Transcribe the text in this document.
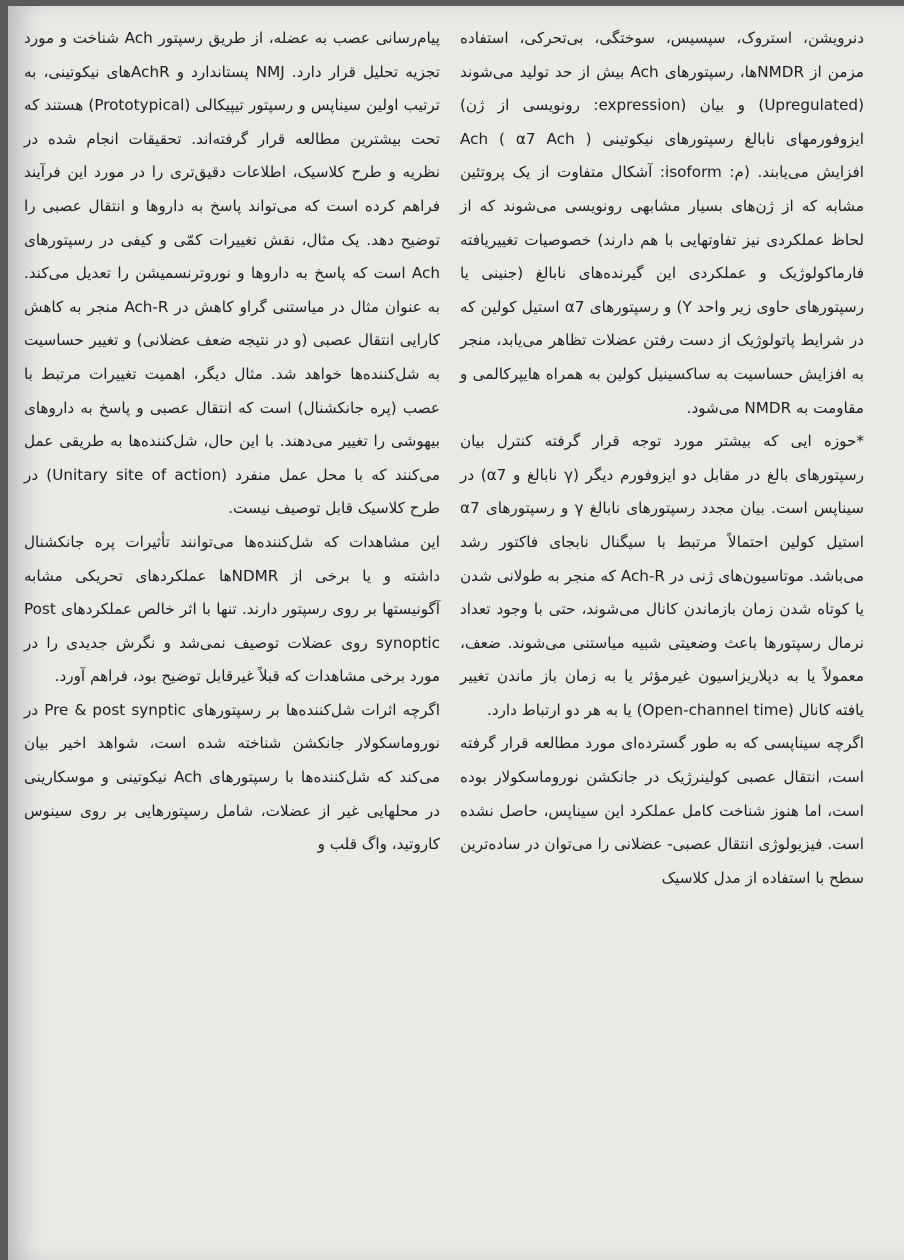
دنرویشن، استروک، سپسیس، سوختگی، بی‌تحرکی، استفاده مزمن از NMDRها، رسپتورهای Ach بیش از حد تولید می‌شوند (Upregulated) و بیان (expression: رونویسی از ژن) ایزوفورمهای نابالغ رسپتورهای نیکوتینی Ach ( α7 Ach ) افزایش می‌یابند. (م: isoform: آشکال متفاوت از یک پروتئین مشابه که از ژن‌های بسیار مشابهی رونویسی می‌شوند که از لحاظ عملکردی نیز تفاوتهایی با هم دارند) خصوصیات تغییریافته فارماکولوژیک و عملکردی این گیرنده‌های نابالغ (جنینی یا رسپتورهای حاوی زیر واحد Y) و رسپتورهای α7 استیل کولین که در شرایط پاتولوژیک از دست رفتن عضلات تظاهر می‌یابد، منجر به افزایش حساسیت به ساکسینیل کولین به همراه هایپرکالمی و مقاومت به NMDR می‌شود.

*حوزه ایی که بیشتر مورد توجه قرار گرفته کنترل بیان رسپتورهای بالغ در مقابل دو ایزوفورم دیگر (γ نابالغ و α7) در سیناپس است. بیان مجدد رسپتورهای نابالغ γ و رسپتورهای α7 استیل کولین احتمالاً مرتبط با سیگنال نابجای فاکتور رشد می‌باشد. موتاسیون‌های ژنی در Ach-R که منجر به طولانی شدن یا کوتاه شدن زمان بازماندن کانال می‌شوند، حتی با وجود تعداد نرمال رسپتورها باعث وضعیتی شبیه میاستنی می‌شوند. ضعف، معمولاً یا به دپلاریزاسیون غیرمؤثر یا به زمان باز ماندن تغییر یافته کانال (Open-channel time) یا به هر دو ارتباط دارد.

اگرچه سیناپسی که به طور گسترده‌ای مورد مطالعه قرار گرفته است، انتقال عصبی کولینرژیک در جانکشن نوروماسکولار بوده است، اما هنوز شناخت کامل عملکرد این سیناپس، حاصل نشده است. فیزیولوژی انتقال عصبی- عضلانی را می‌توان در ساده‌ترین سطح با استفاده از مدل کلاسیک

پیام‌رسانی عصب به عضله، از طریق رسپتور Ach شناخت و مورد تجزیه تحلیل قرار دارد. NMJ پستاندارد و AchRهای نیکوتینی، به ترتیب اولین سیناپس و رسپتور تیپیکالی (Prototypical) هستند که تحت بیشترین مطالعه قرار گرفته‌اند. تحقیقات انجام شده در نظریه و طرح کلاسیک، اطلاعات دقیق‌تری را در مورد این فرآیند فراهم کرده است که می‌تواند پاسخ به داروها و انتقال عصبی را توضیح دهد. یک مثال، نقش تغییرات کمّی و کیفی در رسپتورهای Ach است که پاسخ به داروها و نوروترنسمیشن را تعدیل می‌کند. به عنوان مثال در میاستنی گراو کاهش در Ach-R منجر به کاهش کارایی انتقال عصبی (و در نتیجه ضعف عضلانی) و تغییر حساسیت به شل‌کننده‌ها خواهد شد. مثال دیگر، اهمیت تغییرات مرتبط با عصب (پره جانکشنال) است که انتقال عصبی و پاسخ به داروهای بیهوشی را تغییر می‌دهند. با این حال، شل‌کننده‌ها به طریقی عمل می‌کنند که با محل عمل منفرد (Unitary site of action) در طرح کلاسیک قابل توصیف نیست.

این مشاهدات که شل‌کننده‌ها می‌توانند تأثیرات پره جانکشنال داشته و یا برخی از NDMRها عملکردهای تحریکی مشابه آگونیستها بر روی رسپتور دارند. تنها با اثر خالص عملکردهای Post synoptic روی عضلات توصیف نمی‌شد و نگرش جدیدی را در مورد برخی مشاهدات که قبلاً غیرقابل توضیح بود، فراهم آورد.

اگرچه اثرات شل‌کننده‌ها بر رسپتورهای Pre & post synptic در نوروماسکولار جانکشن شناخته شده است، شواهد اخیر بیان می‌کند که شل‌کننده‌ها با رسپتورهای Ach نیکوتینی و موسکارینی در محلهایی غیر از عضلات، شامل رسپتورهایی بر روی سینوس کاروتید، واگ قلب و
